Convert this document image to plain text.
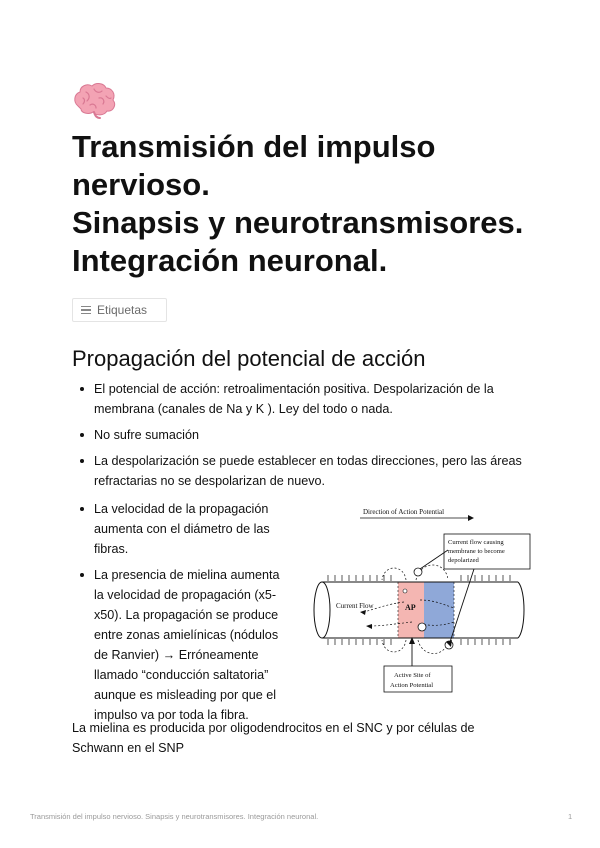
Transmisión del impulso
nervioso.
Sinapsis y neurotransmisores.
Integración neuronal.
Etiquetas
Propagación del potencial de acción
El potencial de acción: retroalimentación positiva. Despolarización de la membrana (canales de Na y K ). Ley del todo o nada.
No sufre sumación
La despolarización se puede establecer en todas direcciones, pero las áreas refractarias no se despolarizan de nuevo.
La velocidad de la propagación aumenta con el diámetro de las fibras.
La presencia de mielina aumenta la velocidad de propagación (x5-x50). La propagación se produce entre zonas amielínicas (nódulos de Ranvier) → Erróneamente llamado “conducción saltatoria” aunque es misleading por que el impulso va por toda la fibra.
Direction of Action Potential
Current Flow	AP
Current flow causing
membrane to become
depolarized
Active Site of
Action Potential

La mielina es producida por oligodendrocitos en el SNC y por células de Schwann en el SNP

Transmisión del impulso nervioso. Sinapsis y neurotransmisores. Integración neuronal.	1
